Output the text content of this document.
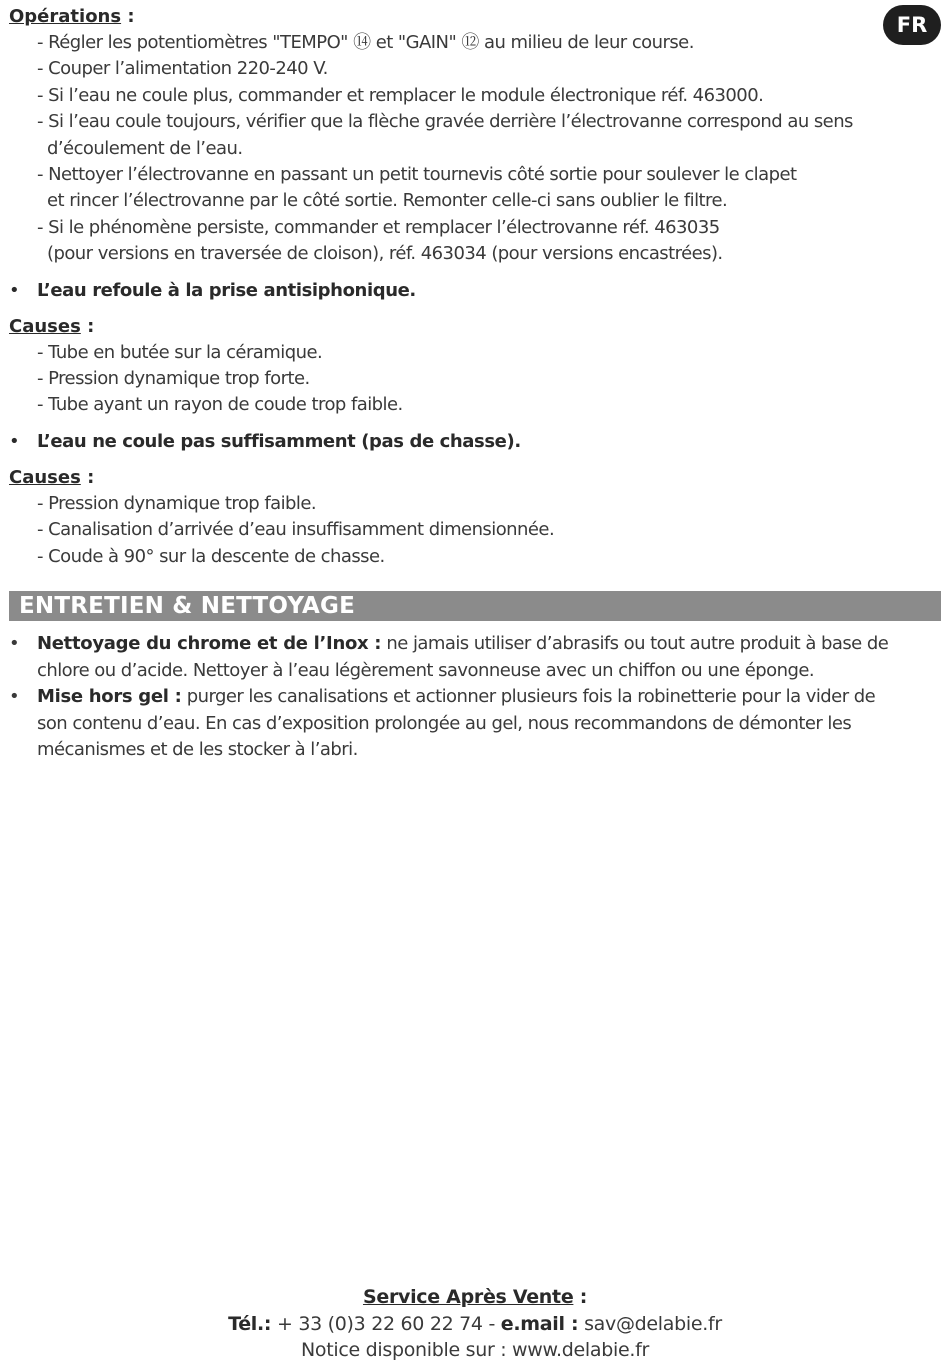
FR
Opérations :
- Régler les potentiomètres "TEMPO" ⑭ et "GAIN" ⑫ au milieu de leur course.
- Couper l’alimentation 220-240 V.
- Si l’eau ne coule plus, commander et remplacer le module électronique réf. 463000.
- Si l’eau coule toujours, vérifier que la flèche gravée derrière l’électrovanne correspond au sens
d’écoulement de l’eau.
- Nettoyer l’électrovanne en passant un petit tournevis côté sortie pour soulever le clapet
et rincer l’électrovanne par le côté sortie. Remonter celle-ci sans oublier le filtre.
- Si le phénomène persiste, commander et remplacer l’électrovanne réf. 463035
(pour versions en traversée de cloison), réf. 463034 (pour versions encastrées).
• L’eau refoule à la prise antisiphonique.
Causes :
- Tube en butée sur la céramique.
- Pression dynamique trop forte.
- Tube ayant un rayon de coude trop faible.
• L’eau ne coule pas suffisamment (pas de chasse).
Causes :
- Pression dynamique trop faible.
- Canalisation d’arrivée d’eau insuffisamment dimensionnée.
- Coude à 90° sur la descente de chasse.
ENTRETIEN & NETTOYAGE
• Nettoyage du chrome et de l’Inox : ne jamais utiliser d’abrasifs ou tout autre produit à base de
chlore ou d’acide. Nettoyer à l’eau légèrement savonneuse avec un chiffon ou une éponge.
• Mise hors gel : purger les canalisations et actionner plusieurs fois la robinetterie pour la vider de
son contenu d’eau. En cas d’exposition prolongée au gel, nous recommandons de démonter les
mécanismes et de les stocker à l’abri.
Service Après Vente :
Tél.: + 33 (0)3 22 60 22 74 - e.mail : sav@delabie.fr
Notice disponible sur : www.delabie.fr
